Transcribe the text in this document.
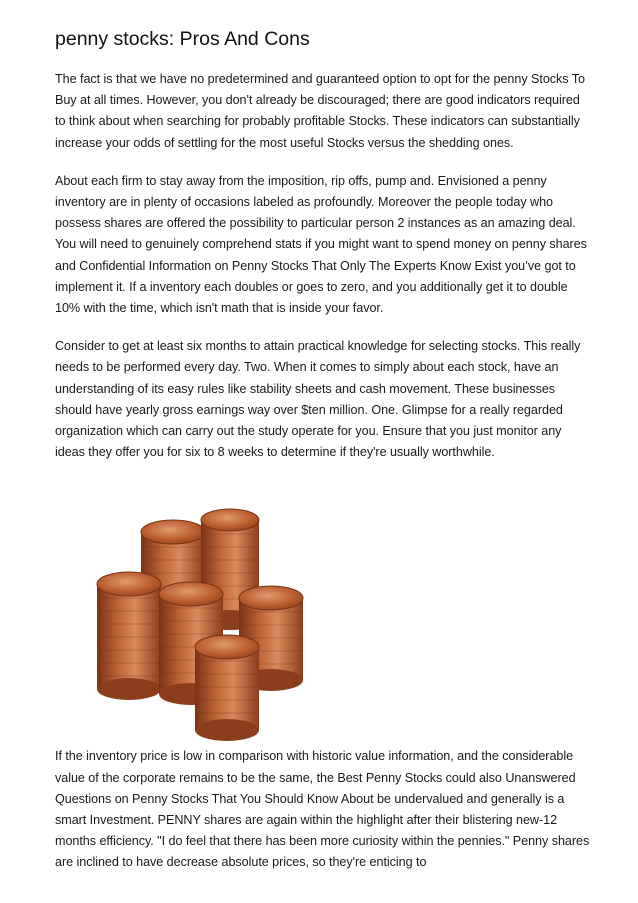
penny stocks: Pros And Cons

The fact is that we have no predetermined and guaranteed option to opt for the penny Stocks To Buy at all times. However, you don't already be discouraged; there are good indicators required to think about when searching for probably profitable Stocks. These indicators can substantially increase your odds of settling for the most useful Stocks versus the shedding ones.

About each firm to stay away from the imposition, rip offs, pump and. Envisioned a penny inventory are in plenty of occasions labeled as profoundly. Moreover the people today who possess shares are offered the possibility to particular person 2 instances as an amazing deal. You will need to genuinely comprehend stats if you might want to spend money on penny shares and Confidential Information on Penny Stocks That Only The Experts Know Exist you’ve got to implement it. If a inventory each doubles or goes to zero, and you additionally get it to double 10% with the time, which isn't math that is inside your favor.

Consider to get at least six months to attain practical knowledge for selecting stocks. This really needs to be performed every day. Two. When it comes to simply about each stock, have an understanding of its easy rules like stability sheets and cash movement. These businesses should have yearly gross earnings way over $ten million. One. Glimpse for a really regarded organization which can carry out the study operate for you. Ensure that you just monitor any ideas they offer you for six to 8 weeks to determine if they're usually worthwhile.

If the inventory price is low in comparison with historic value information, and the considerable value of the corporate remains to be the same, the Best Penny Stocks could also Unanswered Questions on Penny Stocks That You Should Know About be undervalued and generally is a smart Investment. PENNY shares are again within the highlight after their blistering new-12 months efficiency. "I do feel that there has been more curiosity within the pennies." Penny shares are inclined to have decrease absolute prices, so they're enticing to
